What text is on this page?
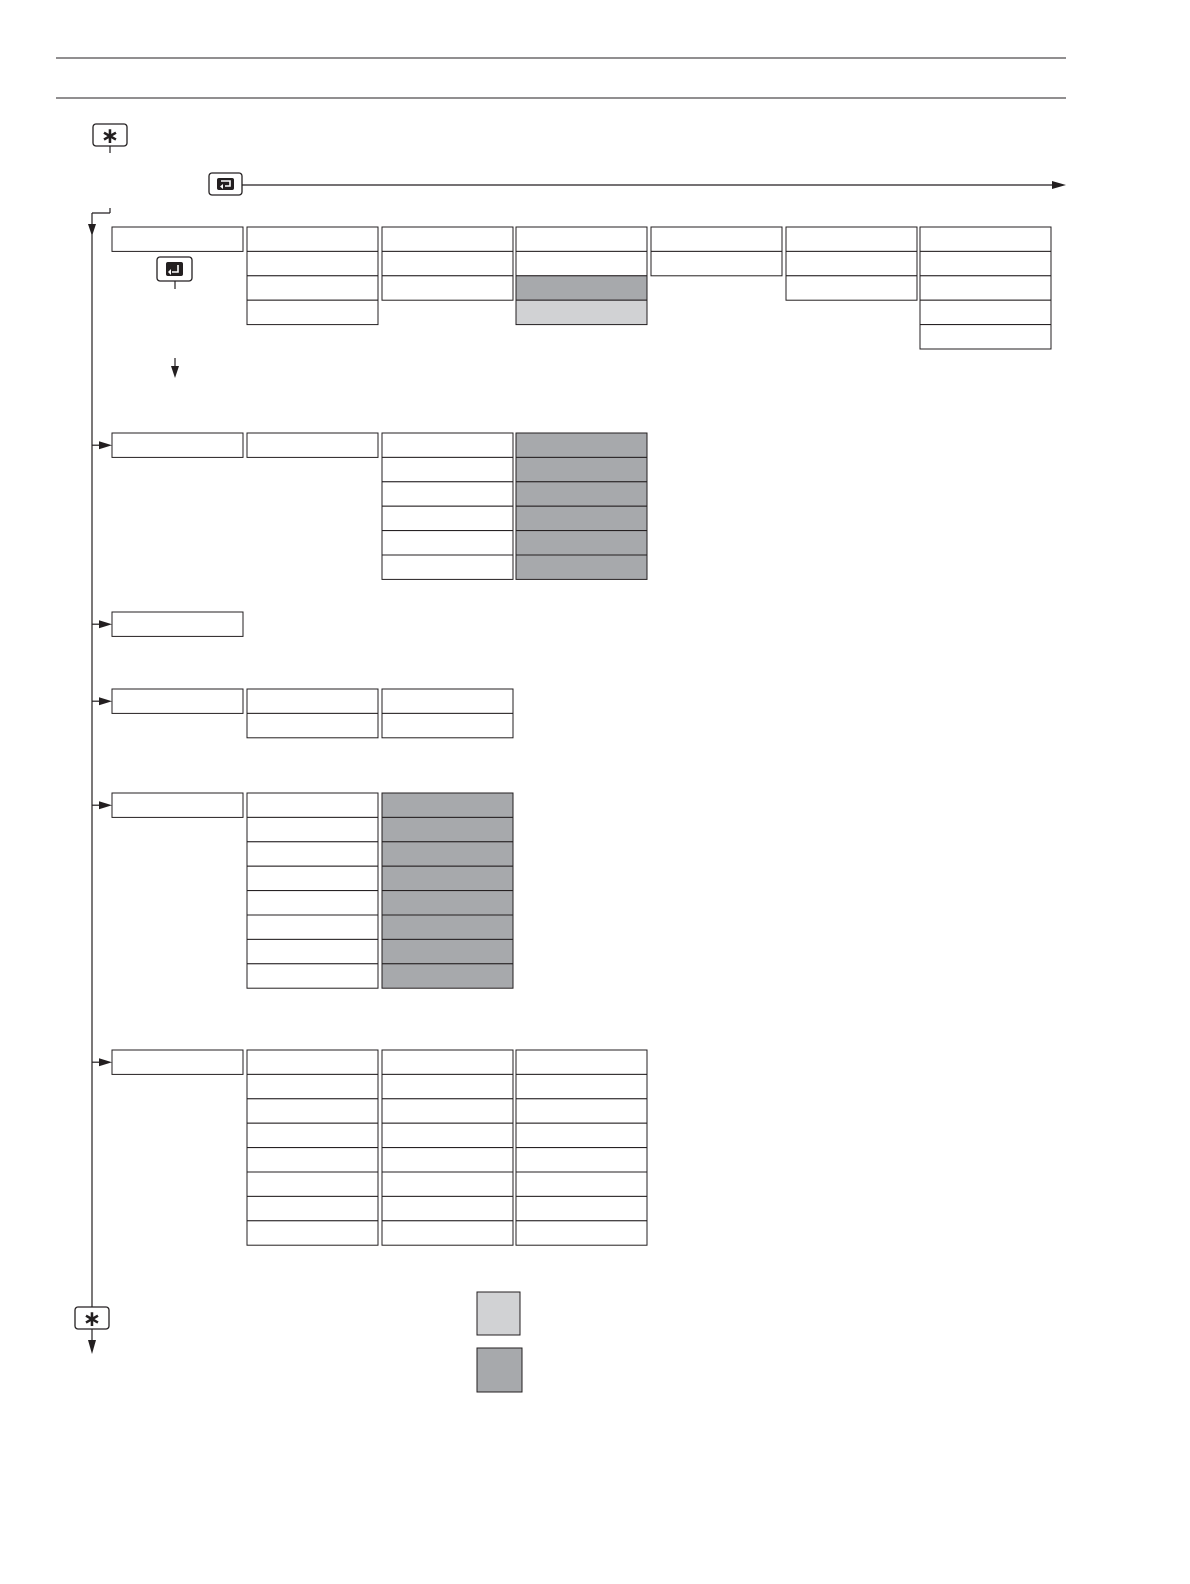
∗
∗
